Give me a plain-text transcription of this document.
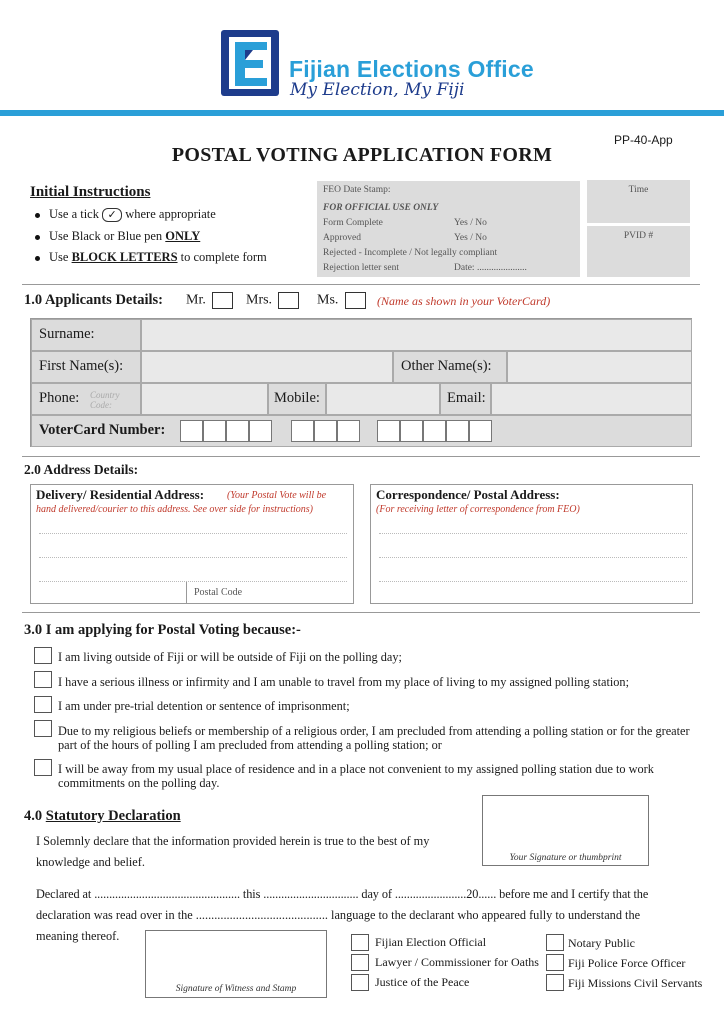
Fijian Elections Office
My Election, My Fiji
PP-40-App
POSTAL VOTING APPLICATION FORM
Initial Instructions
Use a tick ✓ where appropriate
Use Black or Blue pen ONLY
Use BLOCK LETTERS to complete form
FEO Date Stamp:
FOR OFFICIAL USE ONLY
Form Complete	Yes / No
Approved	Yes / No
Rejected - Incomplete / Not legally compliant
Rejection letter sent	Date: .....................
Time
PVID #
1.0 Applicants Details: Mr.	Mrs.	Ms.	(Name as shown in your VoterCard)
Surname:
First Name(s):	Other Name(s):
Phone: Country Code:	Mobile:	Email:
VoterCard Number:
2.0 Address Details:
Delivery/ Residential Address: (Your Postal Vote will be
hand delivered/courier to this address. See over side for instructions)
Postal Code
Correspondence/ Postal Address:
(For receiving letter of correspondence from FEO)
3.0 I am applying for Postal Voting because:-
I am living outside of Fiji or will be outside of Fiji on the polling day;
I have a serious illness or infirmity and I am unable to travel from my place of living to my assigned polling station;
I am under pre-trial detention or sentence of imprisonment;
Due to my religious beliefs or membership of a religious order, I am precluded from attending a polling station or for the greater part of the hours of polling I am precluded from attending a polling station; or
I will be away from my usual place of residence and in a place not convenient to my assigned polling station due to work commitments on the polling day.
4.0 Statutory Declaration
I Solemnly declare that the information provided herein is true to the best of my
knowledge and belief.	Your Signature or thumbprint
Declared at ................................................. this ................................ day of ........................20...... before me and I certify that the
declaration was read over in the ........................................... language to the declarant who appeared fully to understand the
meaning thereof.
Signature of Witness and Stamp
Fijian Election Official
Lawyer / Commissioner for Oaths
Justice of the Peace
Notary Public
Fiji Police Force Officer
Fiji Missions Civil Servants
